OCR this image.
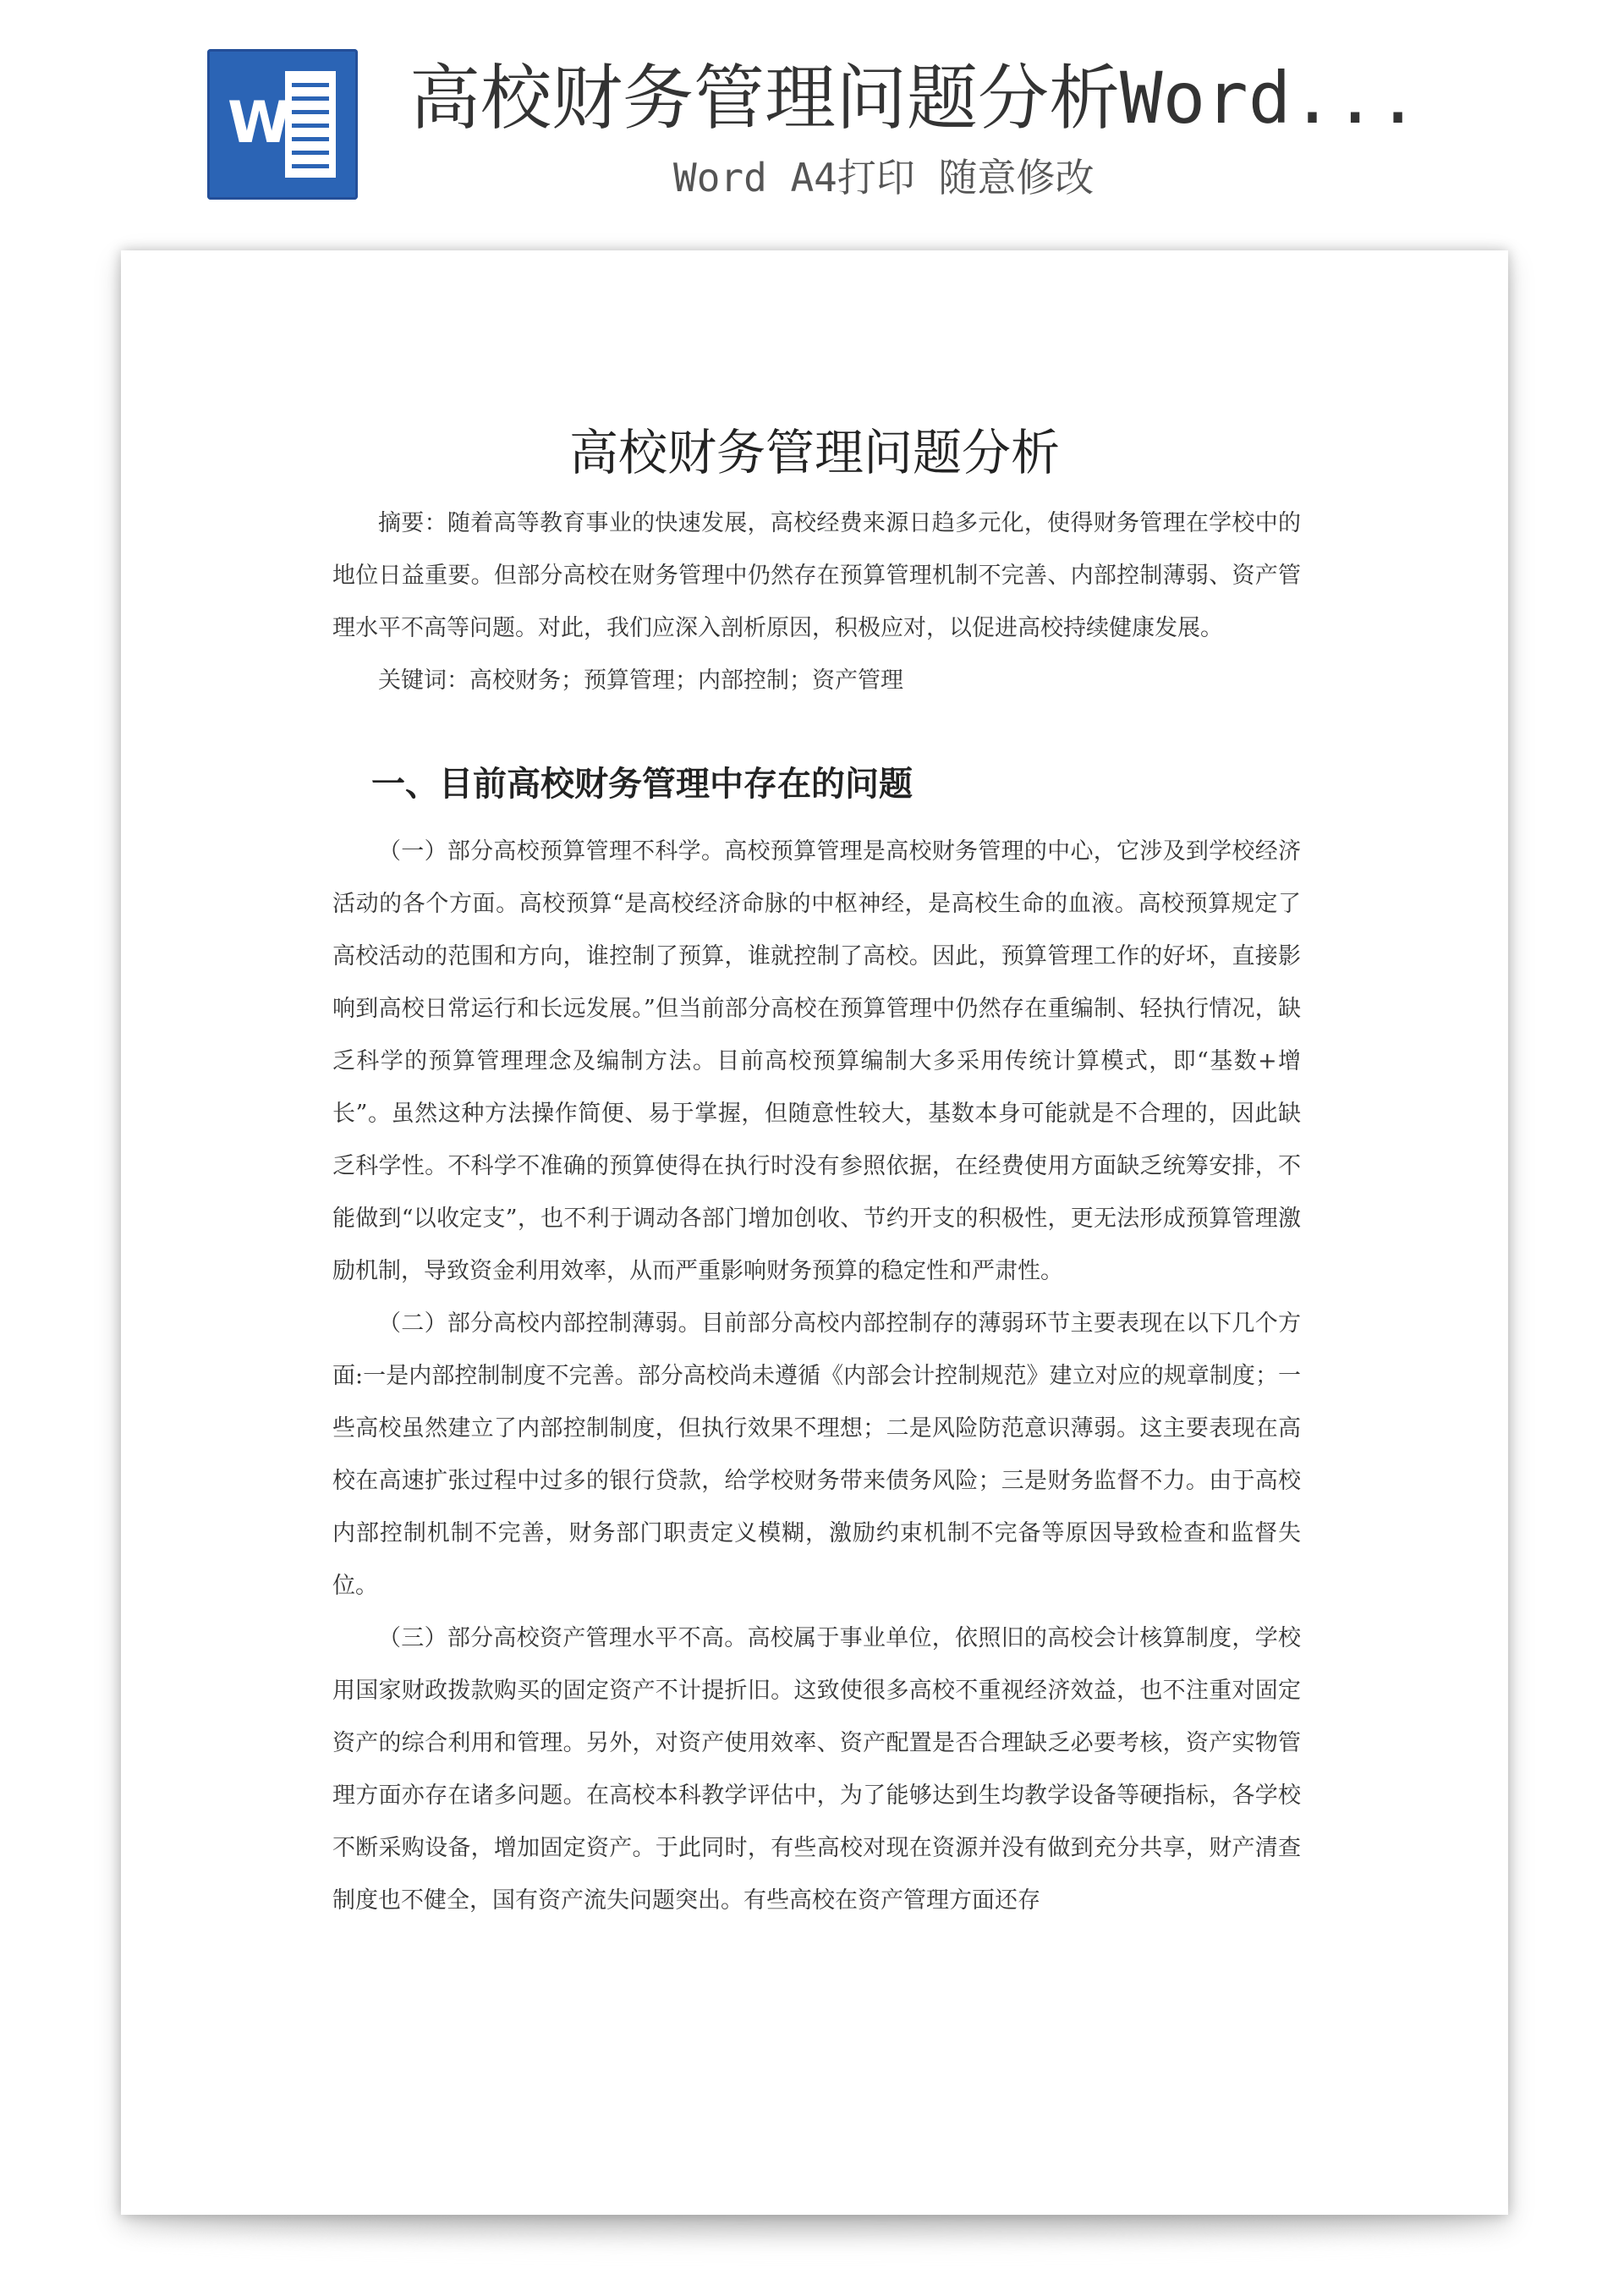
W 高校财务管理问题分析Word...
Word A4打印 随意修改
高校财务管理问题分析

摘要：随着高等教育事业的快速发展，高校经费来源日趋多元化，使得财务管理在学校中的地位日益重要。但部分高校在财务管理中仍然存在预算管理机制不完善、内部控制薄弱、资产管理水平不高等问题。对此，我们应深入剖析原因，积极应对，以促进高校持续健康发展。

关键词：高校财务；预算管理；内部控制；资产管理

一、目前高校财务管理中存在的问题

（一）部分高校预算管理不科学。高校预算管理是高校财务管理的中心，它涉及到学校经济活动的各个方面。高校预算“是高校经济命脉的中枢神经，是高校生命的血液。高校预算规定了高校活动的范围和方向，谁控制了预算，谁就控制了高校。因此，预算管理工作的好坏，直接影响到高校日常运行和长远发展。”但当前部分高校在预算管理中仍然存在重编制、轻执行情况，缺乏科学的预算管理理念及编制方法。目前高校预算编制大多采用传统计算模式，即“基数+增长”。虽然这种方法操作简便、易于掌握，但随意性较大，基数本身可能就是不合理的，因此缺乏科学性。不科学不准确的预算使得在执行时没有参照依据，在经费使用方面缺乏统筹安排，不能做到“以收定支”，也不利于调动各部门增加创收、节约开支的积极性，更无法形成预算管理激励机制，导致资金利用效率，从而严重影响财务预算的稳定性和严肃性。

（二）部分高校内部控制薄弱。目前部分高校内部控制存的薄弱环节主要表现在以下几个方面:一是内部控制制度不完善。部分高校尚未遵循《内部会计控制规范》建立对应的规章制度；一些高校虽然建立了内部控制制度，但执行效果不理想；二是风险防范意识薄弱。这主要表现在高校在高速扩张过程中过多的银行贷款，给学校财务带来债务风险；三是财务监督不力。由于高校内部控制机制不完善，财务部门职责定义模糊，激励约束机制不完备等原因导致检查和监督失位。

（三）部分高校资产管理水平不高。高校属于事业单位，依照旧的高校会计核算制度，学校用国家财政拨款购买的固定资产不计提折旧。这致使很多高校不重视经济效益，也不注重对固定资产的综合利用和管理。另外，对资产使用效率、资产配置是否合理缺乏必要考核，资产实物管理方面亦存在诸多问题。在高校本科教学评估中，为了能够达到生均教学设备等硬指标，各学校不断采购设备，增加固定资产。于此同时，有些高校对现在资源并没有做到充分共享，财产清查制度也不健全，国有资产流失问题突出。有些高校在资产管理方面还存
